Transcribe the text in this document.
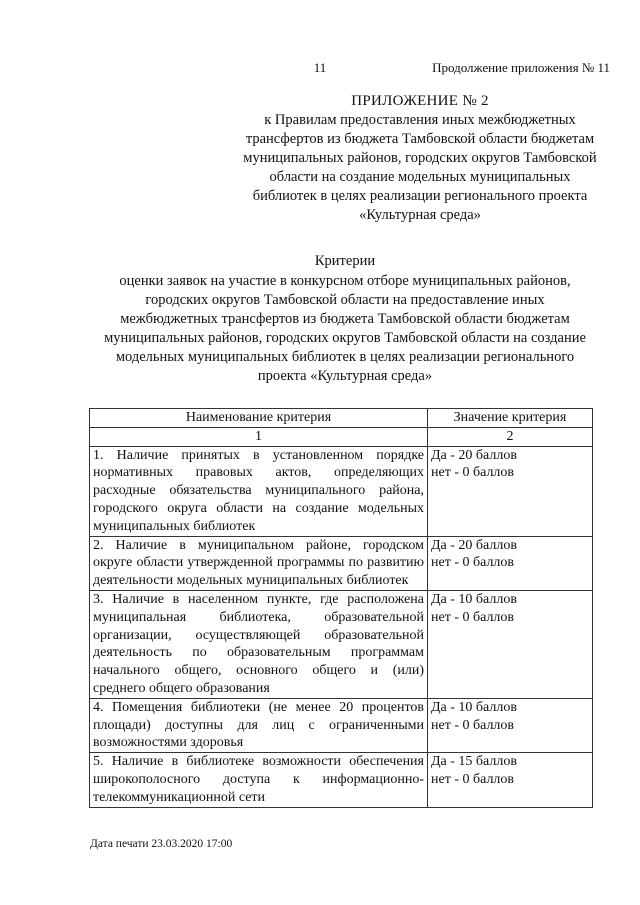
11	Продолжение приложения № 11
ПРИЛОЖЕНИЕ № 2
к Правилам предоставления иных межбюджетных
трансфертов из бюджета Тамбовской области бюджетам
муниципальных районов, городских округов Тамбовской
области на создание модельных муниципальных
библиотек в целях реализации регионального проекта
«Культурная среда»
Критерии
оценки заявок на участие в конкурсном отборе муниципальных районов,
городских округов Тамбовской области на предоставление иных
межбюджетных трансфертов из бюджета Тамбовской области бюджетам
муниципальных районов, городских округов Тамбовской области на создание
модельных муниципальных библиотек в целях реализации регионального
проекта «Культурная среда»
Наименование критерия	Значение критерия
1	2
1. Наличие принятых в установленном порядке нормативных правовых актов, определяющих расходные обязательства муниципального района, городского округа области на создание модельных муниципальных библиотек	Да - 20 баллов
нет - 0 баллов

2. Наличие в муниципальном районе, городском округе области утвержденной программы по развитию деятельности модельных муниципальных библиотек	Да - 20 баллов
нет - 0 баллов

3. Наличие в населенном пункте, где расположена муниципальная библиотека, образовательной организации, осуществляющей образовательной деятельность по образовательным программам начального общего, основного общего и (или) среднего общего образования	Да - 10 баллов
нет - 0 баллов

4. Помещения библиотеки (не менее 20 процентов площади) доступны для лиц с ограниченными возможностями здоровья	Да - 10 баллов
нет - 0 баллов

5. Наличие в библиотеке возможности обеспечения широкополосного доступа к информационно-телекоммуникационной сети	Да - 15 баллов
нет - 0 баллов
Дата печати 23.03.2020 17:00
